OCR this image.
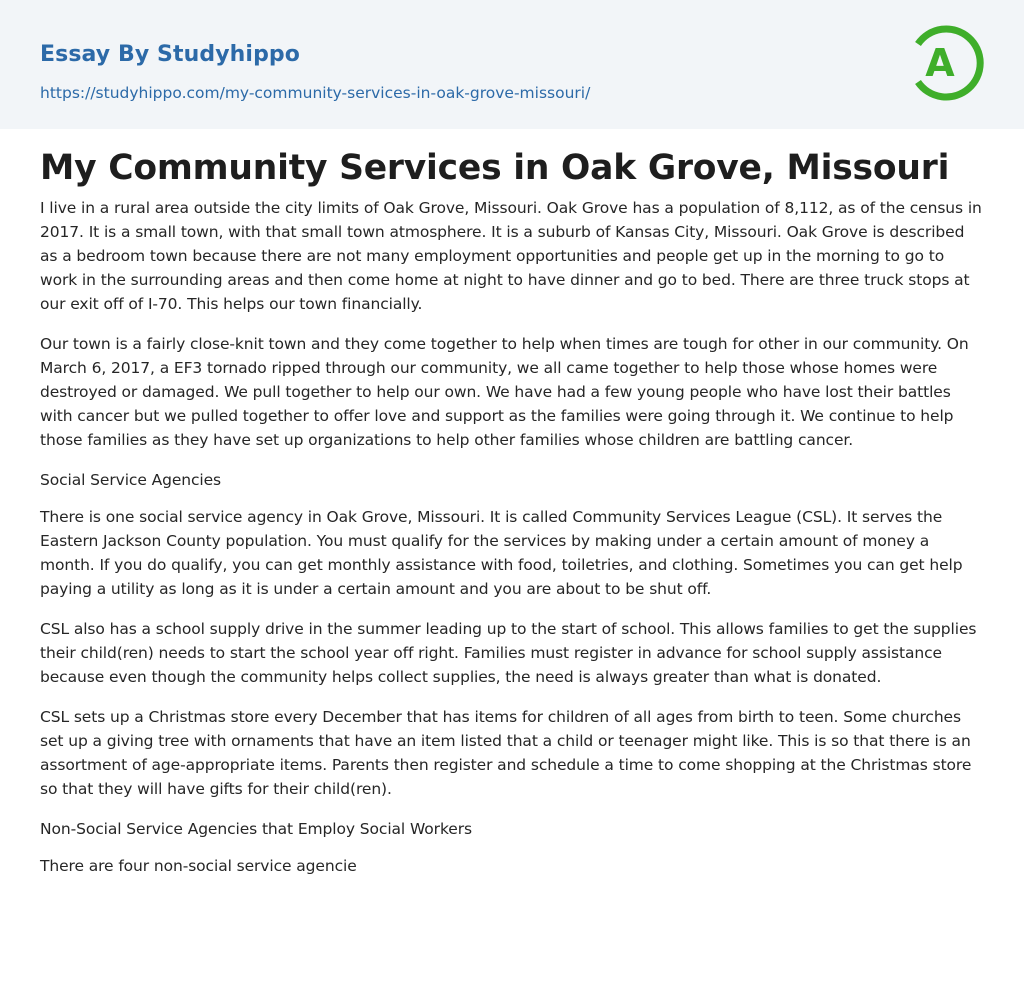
Essay By Studyhippo
https://studyhippo.com/my-community-services-in-oak-grove-missouri/
A
My Community Services in Oak Grove, Missouri

I live in a rural area outside the city limits of Oak Grove, Missouri. Oak Grove has a population of 8,112, as of the census in 2017. It is a small town, with that small town atmosphere. It is a suburb of Kansas City, Missouri. Oak Grove is described as a bedroom town because there are not many employment opportunities and people get up in the morning to go to work in the surrounding areas and then come home at night to have dinner and go to bed. There are three truck stops at our exit off of I-70. This helps our town financially.

Our town is a fairly close-knit town and they come together to help when times are tough for other in our community. On March 6, 2017, a EF3 tornado ripped through our community, we all came together to help those whose homes were destroyed or damaged. We pull together to help our own. We have had a few young people who have lost their battles with cancer but we pulled together to offer love and support as the families were going through it. We continue to help those families as they have set up organizations to help other families whose children are battling cancer.

Social Service Agencies

There is one social service agency in Oak Grove, Missouri. It is called Community Services League (CSL). It serves the Eastern Jackson County population. You must qualify for the services by making under a certain amount of money a month. If you do qualify, you can get monthly assistance with food, toiletries, and clothing. Sometimes you can get help paying a utility as long as it is under a certain amount and you are about to be shut off.

CSL also has a school supply drive in the summer leading up to the start of school. This allows families to get the supplies their child(ren) needs to start the school year off right. Families must register in advance for school supply assistance because even though the community helps collect supplies, the need is always greater than what is donated.

CSL sets up a Christmas store every December that has items for children of all ages from birth to teen. Some churches set up a giving tree with ornaments that have an item listed that a child or teenager might like. This is so that there is an assortment of age-appropriate items. Parents then register and schedule a time to come shopping at the Christmas store so that they will have gifts for their child(ren).

Non-Social Service Agencies that Employ Social Workers

There are four non-social service agencie
